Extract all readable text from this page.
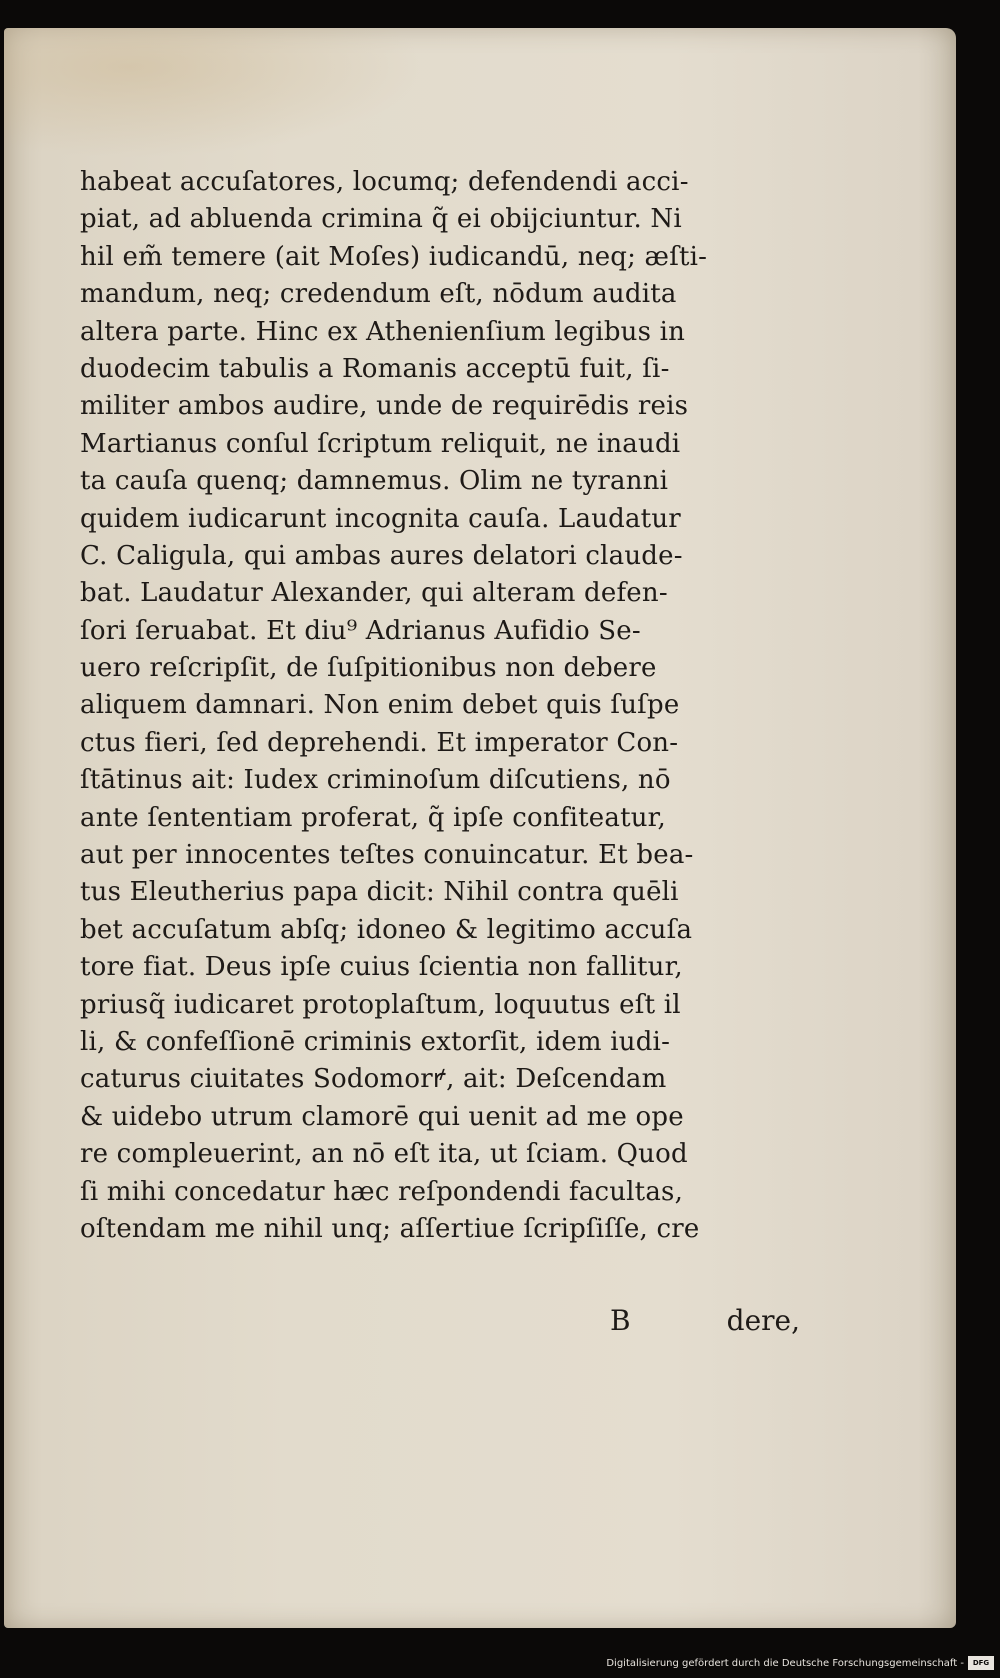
habeat accuſatores, locumq; defendendi acci-
piat, ad abluenda crimina q̃ ei obijciuntur. Ni
hil em̃ temere (ait Moſes) iudicandū, neq; æſti-
mandum, neq; credendum eſt, nōdum audita
altera parte. Hinc ex Athenienſium legibus in
duodecim tabulis a Romanis acceptū fuit, ſi-
militer ambos audire, unde de requirēdis reis
Martianus conſul ſcriptum reliquit, ne inaudi
ta cauſa quenq; damnemus. Olim ne tyranni
quidem iudicarunt incognita cauſa. Laudatur
C. Caligula, qui ambas aures delatori claude-
bat. Laudatur Alexander, qui alteram defen-
ſori ſeruabat. Et diu⁹ Adrianus Aufidio Se-
uero reſcripſit, de ſuſpitionibus non debere
aliquem damnari. Non enim debet quis ſuſpe
ctus fieri, ſed deprehendi. Et imperator Con-
ſtātinus ait: Iudex criminoſum diſcutiens, nō
ante ſententiam proferat, q̃ ipſe confiteatur,
aut per innocentes teſtes conuincatur. Et bea-
tus Eleutherius papa dicit: Nihil contra quēli
bet accuſatum abſq; idoneo & legitimo accuſa
tore fiat. Deus ipſe cuius ſcientia non fallitur,
priusq̃ iudicaret protoplaſtum, loquutus eſt il
li, & confeſſionē criminis extorſit, idem iudi-
caturus ciuitates Sodomorꝵ, ait: Deſcendam
& uidebo utrum clamorē qui uenit ad me ope
re compleuerint, an nō eſt ita, ut ſciam. Quod
ſi mihi concedatur hæc reſpondendi facultas,
oſtendam me nihil unq; aſſertiue ſcripſiſſe, cre
B	dere,
Digitalisierung gefördert durch die Deutsche Forschungsgemeinschaft -	DFG
